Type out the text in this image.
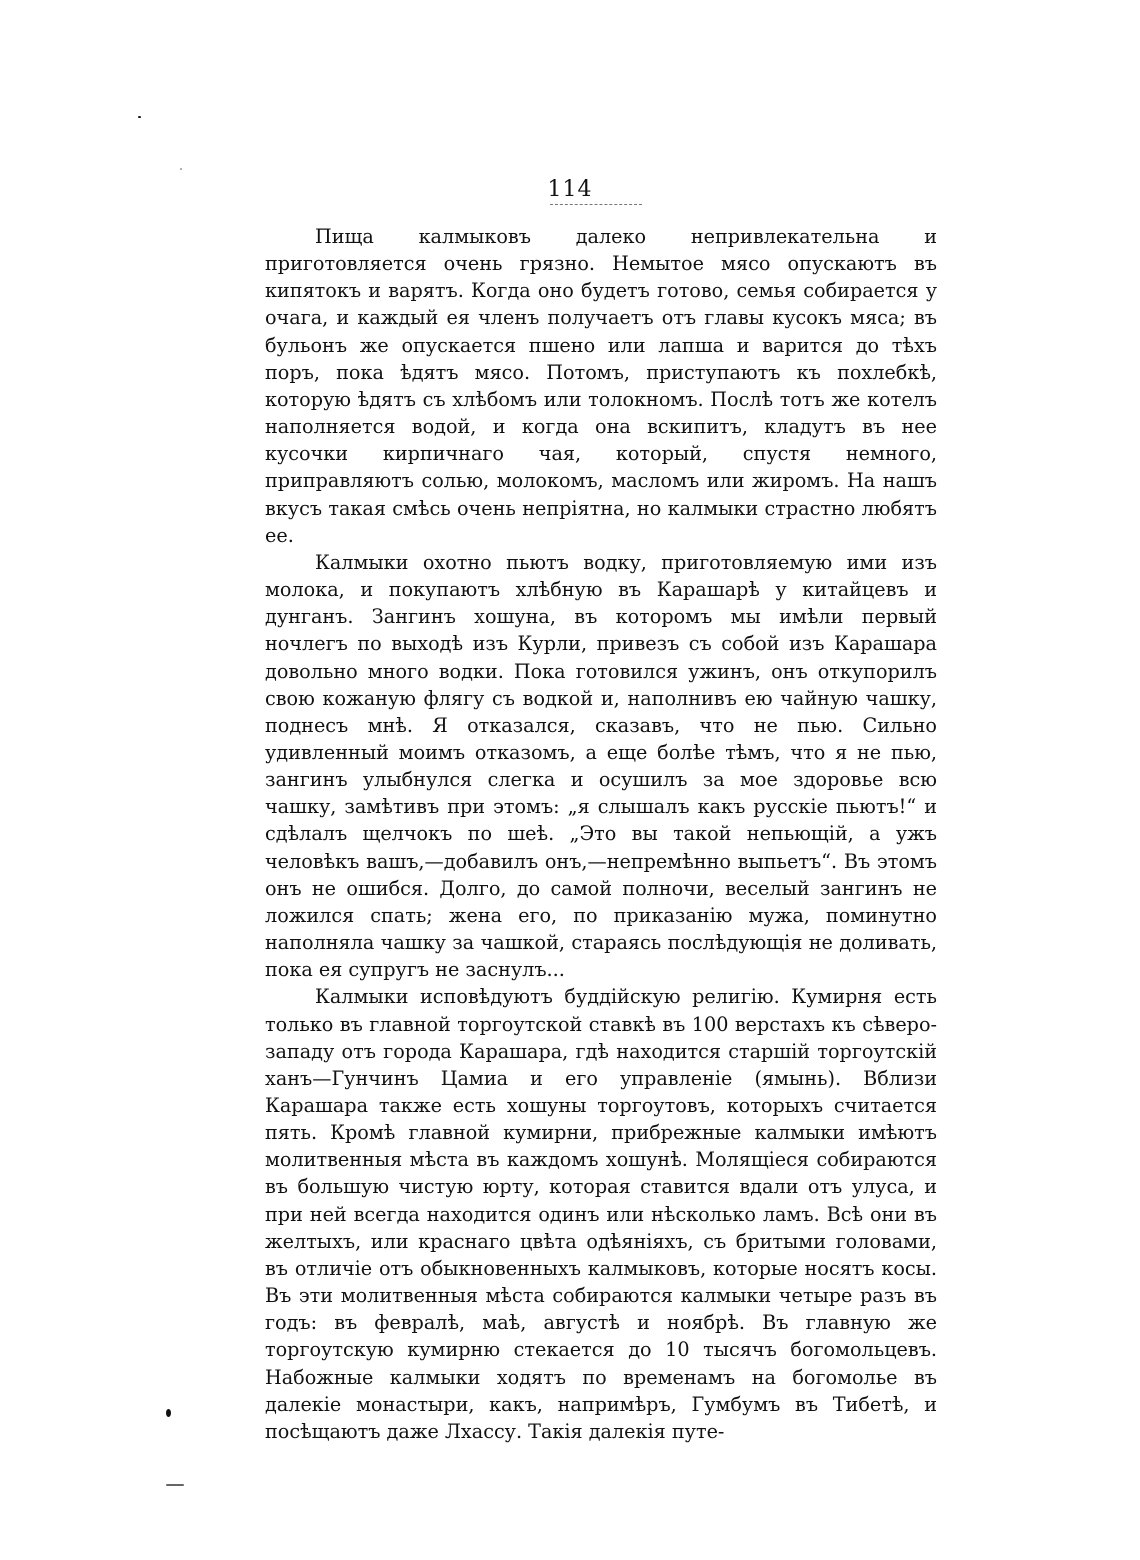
114

Пища калмыковъ далеко непривлекательна и приготовляется очень грязно. Немытое мясо опускаютъ въ кипятокъ и варятъ. Когда оно будетъ готово, семья собирается у очага, и каждый ея членъ получаетъ отъ главы кусокъ мяса; въ бульонъ же опускается пшено или лапша и варится до тѣхъ поръ, пока ѣдятъ мясо. Потомъ, приступаютъ къ похлебкѣ, которую ѣдятъ съ хлѣбомъ или толокномъ. Послѣ тотъ же котелъ наполняется водой, и когда она вскипитъ, кладутъ въ нее кусочки кирпичнаго чая, который, спустя немного, приправляютъ солью, молокомъ, масломъ или жиромъ. На нашъ вкусъ такая смѣсь очень непріятна, но калмыки страстно любятъ ее.

Калмыки охотно пьютъ водку, приготовляемую ими изъ молока, и покупаютъ хлѣбную въ Карашарѣ у китайцевъ и дунганъ. Зангинъ хошуна, въ которомъ мы имѣли первый ночлегъ по выходѣ изъ Курли, привезъ съ собой изъ Карашара довольно много водки. Пока готовился ужинъ, онъ откупорилъ свою кожаную флягу съ водкой и, наполнивъ ею чайную чашку, поднесъ мнѣ. Я отказался, сказавъ, что не пью. Сильно удивленный моимъ отказомъ, а еще болѣе тѣмъ, что я не пью, зангинъ улыбнулся слегка и осушилъ за мое здоровье всю чашку, замѣтивъ при этомъ: „я слышалъ какъ русскіе пьютъ!“ и сдѣлалъ щелчокъ по шеѣ. „Это вы такой непьющій, а ужъ человѣкъ вашъ,—добавилъ онъ,—непремѣнно выпьетъ“. Въ этомъ онъ не ошибся. Долго, до самой полночи, веселый зангинъ не ложился спать; жена его, по приказанію мужа, поминутно наполняла чашку за чашкой, стараясь послѣдующія не доливать, пока ея супругъ не заснулъ...

Калмыки исповѣдуютъ буддійскую религію. Кумирня есть только въ главной торгоутской ставкѣ въ 100 верстахъ къ сѣверо-западу отъ города Карашара, гдѣ находится старшій торгоутскій ханъ—Гунчинъ Цамиа и его управленіе (ямынь). Вблизи Карашара также есть хошуны торгоутовъ, которыхъ считается пять. Кромѣ главной кумирни, прибрежные калмыки имѣютъ молитвенныя мѣста въ каждомъ хошунѣ. Молящіеся собираются въ большую чистую юрту, которая ставится вдали отъ улуса, и при ней всегда находится одинъ или нѣсколько ламъ. Всѣ они въ желтыхъ, или краснаго цвѣта одѣяніяхъ, съ бритыми головами, въ отличіе отъ обыкновенныхъ калмыковъ, которые носятъ косы. Въ эти молитвенныя мѣста собираются калмыки четыре разъ въ годъ: въ февралѣ, маѣ, августѣ и ноябрѣ. Въ главную же торгоутскую кумирню стекается до 10 тысячъ богомольцевъ. Набожные калмыки ходятъ по временамъ на богомолье въ далекіе монастыри, какъ, напримѣръ, Гумбумъ въ Тибетѣ, и посѣщаютъ даже Лхассу. Такія далекія путе-
